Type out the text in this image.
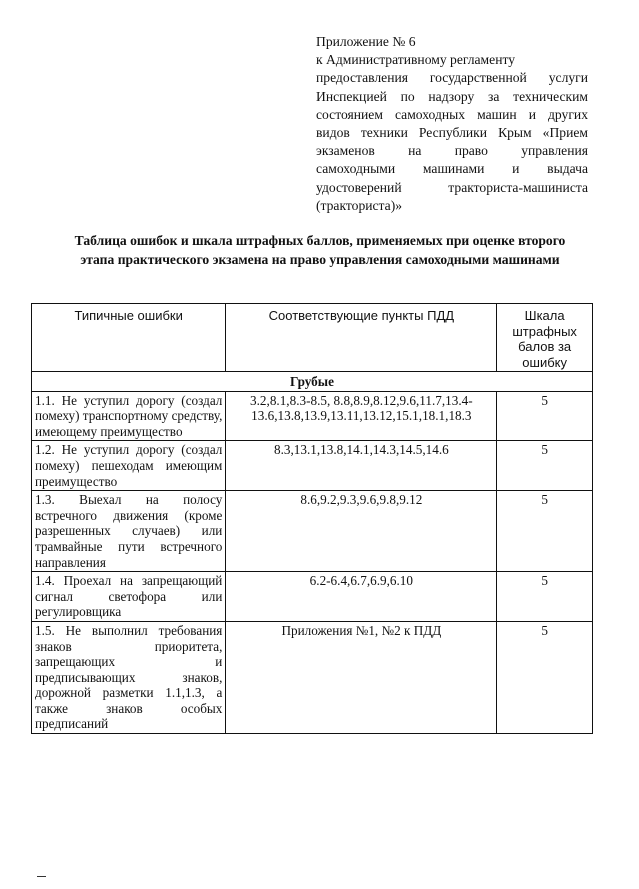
Приложение № 6
к Административному регламенту
предоставления государственной услуги
Инспекцией по надзору за техническим
состоянием самоходных машин и других
видов техники Республики Крым «Прием
экзаменов на право управления
самоходными машинами и выдача
удостоверений тракториста-машиниста
(тракториста)»
Таблица ошибок и шкала штрафных баллов, применяемых при оценке второго этапа практического экзамена на право управления самоходными машинами
Типичные ошибки	Соответствующие пункты ПДД	Шкала штрафных балов за ошибку
Грубые		
1.1. Не уступил дорогу (создал помеху) транспортному средству, имеющему преимущество	3.2,8.1,8.3-8.5, 8.8,8.9,8.12,9.6,11.7,13.4-13.6,13.8,13.9,13.11,13.12,15.1,18.1,18.3	5
1.2. Не уступил дорогу (создал помеху) пешеходам имеющим преимущество	8.3,13.1,13.8,14.1,14.3,14.5,14.6	5
1.3. Выехал на полосу встречного движения (кроме разрешенных случаев) или трамвайные пути встречного направления	8.6,9.2,9.3,9.6,9.8,9.12	5
1.4. Проехал на запрещающий сигнал светофора или регулировщика	6.2-6.4,6.7,6.9,6.10	5
1.5. Не выполнил требования знаков приоритета, запрещающих и предписывающих знаков, дорожной разметки 1.1,1.3, а также знаков особых предписаний	Приложения №1, №2 к ПДД	5
